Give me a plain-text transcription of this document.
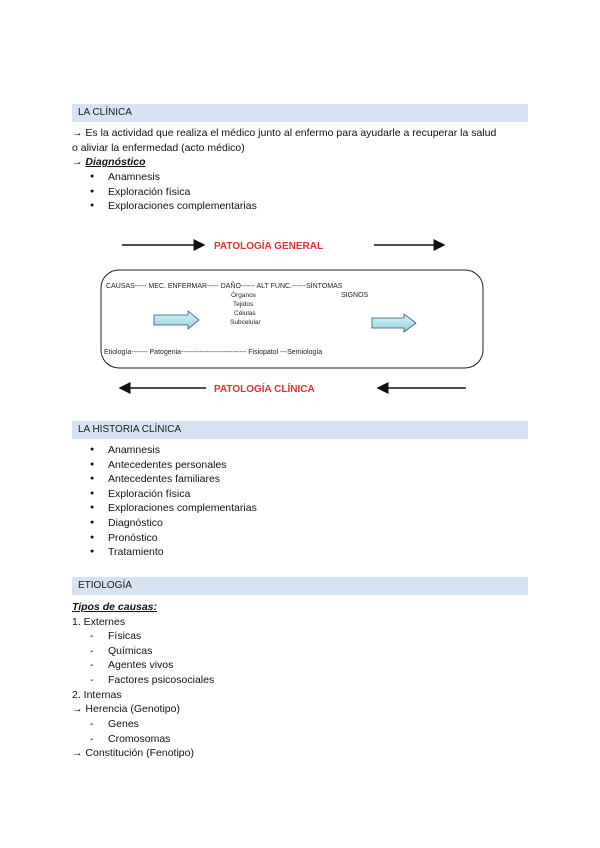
LA CLÍNICA
→ Es la actividad que realiza el médico junto al enfermo para ayudarle a recuperar la salud
o aliviar la enfermedad (acto médico)
→ Diagnóstico
● Anamnesis
● Exploración física
● Exploraciones complementarias
PATOLOGÍA GENERAL
CAUSAS----- MEC. ENFERMAR----- DAÑO------ ALT FUNC.------SÍNTOMAS
SIGNOS
Órganos
Tejidos
Células
Subcelular
Etiología------- Patogenia---------------------------- Fisiopatol ---Semiología
PATOLOGÍA CLÍNICA
LA HISTORIA CLÍNICA
● Anamnesis
● Antecedentes personales
● Antecedentes familiares
● Exploración física
● Exploraciones complementarias
● Diagnóstico
● Pronóstico
● Tratamiento
ETIOLOGÍA
Tipos de causas:
1. Externes
- Físicas
- Químicas
- Agentes vivos
- Factores psicosociales
2. Internas
→ Herencia (Genotipo)
- Genes
- Cromosomas
→ Constitución (Fenotipo)
